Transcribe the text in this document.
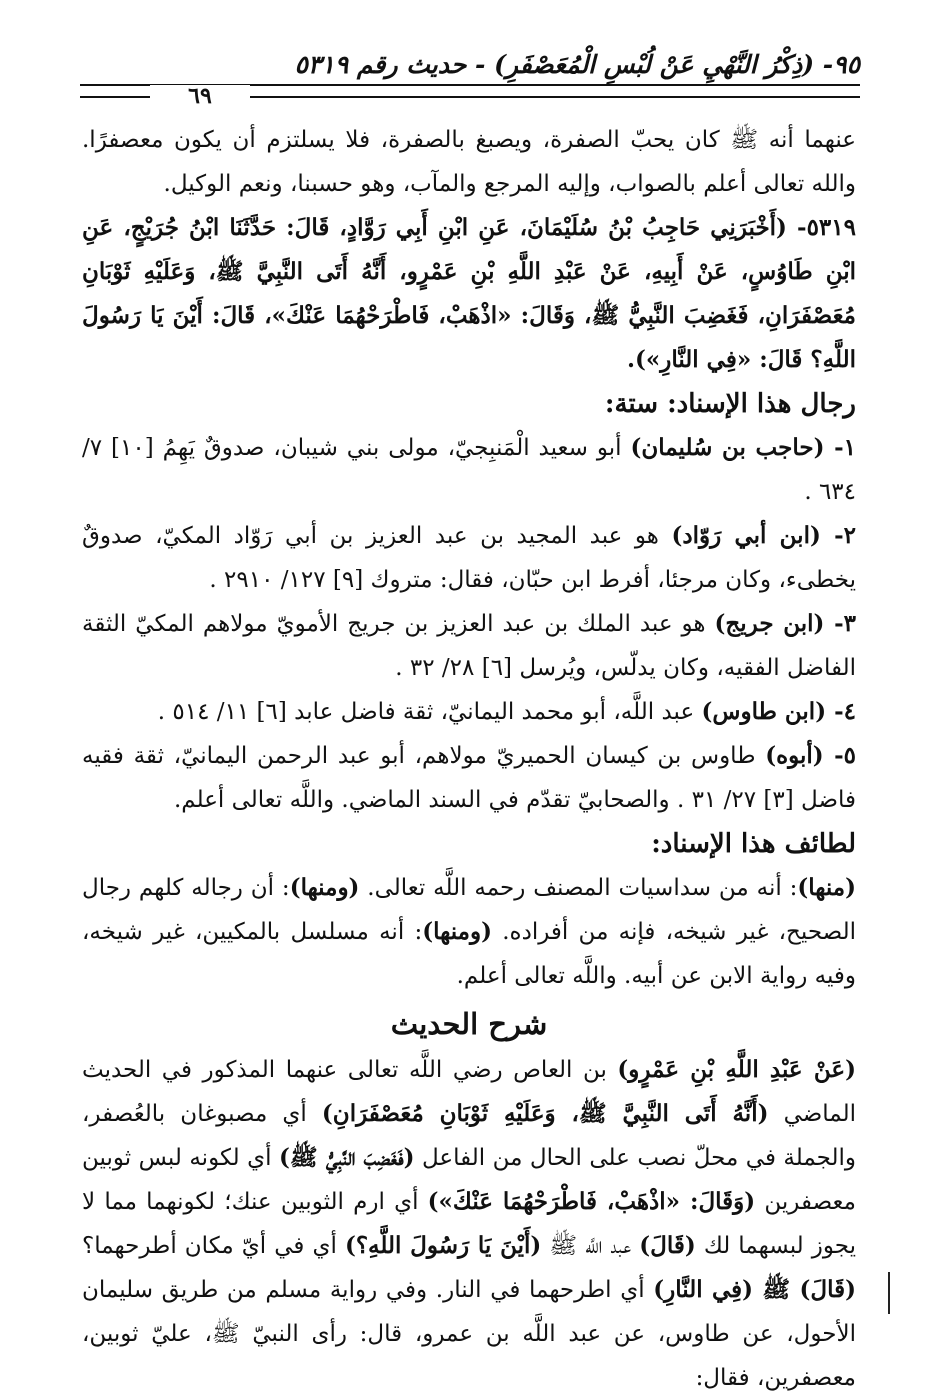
٩٥- (ذِكْرُ النَّهْيِ عَنْ لُبْسِ الْمُعَصْفَرِ) - حديث رقم ٥٣١٩
٦٩

عنهما أنه ﷺ كان يحبّ الصفرة، ويصبغ بالصفرة، فلا يسلتزم أن يكون معصفرًا. والله تعالى أعلم بالصواب، وإليه المرجع والمآب، وهو حسبنا، ونعم الوكيل.

٥٣١٩- (أَخْبَرَنِي حَاجِبُ بْنُ سُلَيْمَانَ، عَنِ ابْنِ أَبِي رَوَّادٍ، قَالَ: حَدَّثَنَا ابْنُ جُرَيْجٍ، عَنِ ابْنِ طَاوُسٍ، عَنْ أَبِيهِ، عَنْ عَبْدِ اللَّهِ بْنِ عَمْرٍو، أَنَّهُ أَتَى النَّبِيَّ ﷺ، وَعَلَيْهِ ثَوْبَانِ مُعَصْفَرَانِ، فَغَضِبَ النَّبِيُّ ﷺ، وَقَالَ: «اذْهَبْ، فَاطْرَحْهُمَا عَنْكَ»، قَالَ: أَيْنَ يَا رَسُولَ اللَّهِ؟ قَالَ: «فِي النَّارِ»).

رجال هذا الإسناد: ستة:

١- (حاجب بن سُليمان) أبو سعيد الْمَنبِجيّ، مولى بني شيبان، صدوقٌ يَهِمُ [١٠] ٧/ ٦٣٤ .

٢- (ابن أبي رَوّاد) هو عبد المجيد بن عبد العزيز بن أبي رَوّاد المكيّ، صدوقٌ يخطىء، وكان مرجئا، أفرط ابن حبّان، فقال: متروك [٩] ١٢٧/ ٢٩١٠ .

٣- (ابن جريج) هو عبد الملك بن عبد العزيز بن جريج الأمويّ مولاهم المكيّ الثقة الفاضل الفقيه، وكان يدلّس، ويُرسل [٦] ٢٨/ ٣٢ .

٤- (ابن طاوس) عبد اللَّه، أبو محمد اليمانيّ، ثقة فاضل عابد [٦] ١١/ ٥١٤ .

٥- (أبوه) طاوس بن كيسان الحميريّ مولاهم، أبو عبد الرحمن اليمانيّ، ثقة فقيه فاضل [٣] ٢٧/ ٣١ . والصحابيّ تقدّم في السند الماضي. واللَّه تعالى أعلم.

لطائف هذا الإسناد:

(منها): أنه من سداسيات المصنف رحمه اللَّه تعالى. (ومنها): أن رجاله كلهم رجال الصحيح، غير شيخه، فإنه من أفراده. (ومنها): أنه مسلسل بالمكيين، غير شيخه، وفيه رواية الابن عن أبيه. واللَّه تعالى أعلم.

شرح الحديث

(عَنْ عَبْدِ اللَّهِ بْنِ عَمْرٍو) بن العاص رضي اللَّه تعالى عنهما المذكور في الحديث الماضي (أَنَّهُ أَتَى النَّبِيَّ ﷺ، وَعَلَيْهِ ثَوْبَانِ مُعَصْفَرَانِ) أي مصبوغان بالعُصفر، والجملة في محلّ نصب على الحال من الفاعل (فَغَضِبَ النَّبِيُّ ﷺ) أي لكونه لبس ثوبين معصفرين (وَقَالَ: «اذْهَبْ، فَاطْرَحْهُمَا عَنْكَ») أي ارم الثوبين عنك؛ لكونهما مما لا يجوز لبسهما لك (قَالَ) عبد اللَّه ﷺ (أَيْنَ يَا رَسُولَ اللَّهِ؟) أي في أيّ مكان أطرحهما؟ (قَالَ) ﷺ (فِي النَّارِ) أي اطرحهما في النار. وفي رواية مسلم من طريق سليمان الأحول، عن طاوس، عن عبد اللَّه بن عمرو، قال: رأى النبيّ ﷺ، عليّ ثوبين، معصفرين، فقال:
